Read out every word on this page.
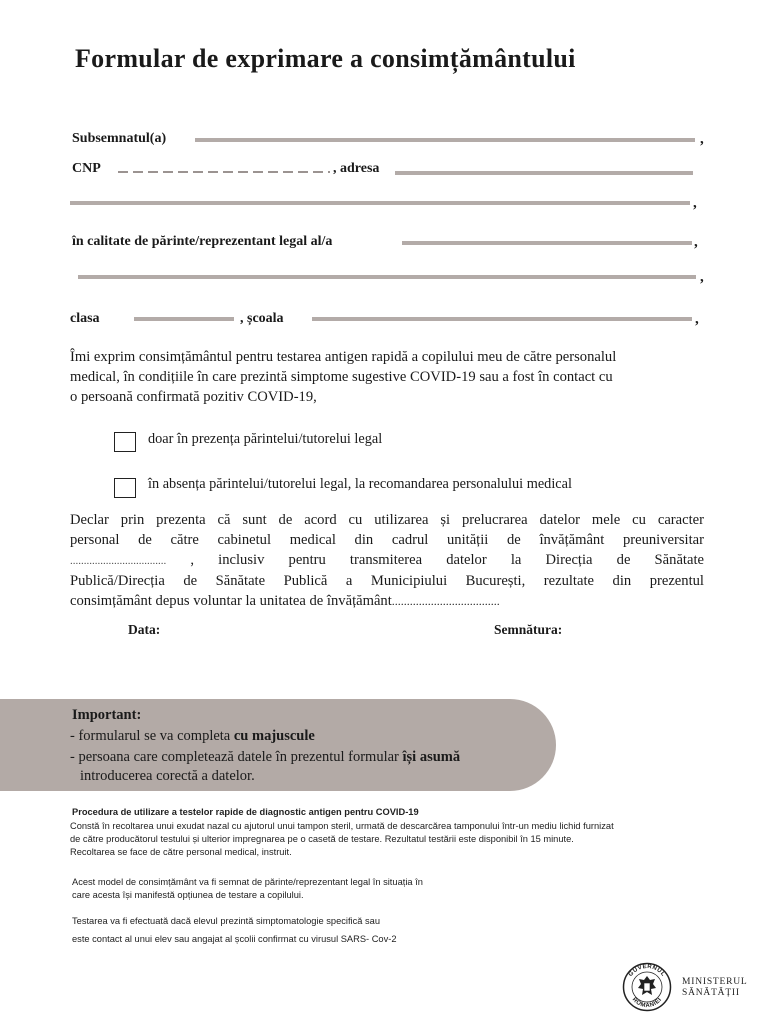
Formular de exprimare a consimțământului
Subsemnatul(a)	,
CNP	, adresa
,
în calitate de părinte/reprezentant legal al/a	,
,
clasa	, școala	,
Îmi exprim consimțământul pentru testarea antigen rapidă a copilului meu de către personalul
medical, în condițiile în care prezintă simptome sugestive COVID-19 sau a fost în contact cu
o persoană confirmată pozitiv COVID-19,
doar în prezența părintelui/tutorelui legal
în absența părintelui/tutorelui legal, la recomandarea personalului medical
Declar prin prezenta că sunt de acord cu utilizarea și prelucrarea datelor mele cu caracter
personal de către cabinetul medical din cadrul unității de învățământ preuniversitar
................................... , inclusiv pentru transmiterea datelor la Direcția de Sănătate
Publică/Direcția de Sănătate Publică a Municipiului București, rezultate din prezentul
consimțământ depus voluntar la unitatea de învățământ....................................
Data:	Semnătura:
Important:
- formularul se va completa cu majuscule
- persoana care completează datele în prezentul formular își asumă
introducerea corectă a datelor.
Procedura de utilizare a testelor rapide de diagnostic antigen pentru COVID-19
Constă în recoltarea unui exudat nazal cu ajutorul unui tampon steril, urmată de descarcărea tamponului într-un mediu lichid furnizat
de către producătorul testului și ulterior impregnarea pe o casetă de testare. Rezultatul testării este disponibil în 15 minute.
Recoltarea se face de către personal medical, instruit.
Acest model de consimțământ va fi semnat de părinte/reprezentant legal în situația în
care acesta își manifestă opțiunea de testare a copilului.
Testarea va fi efectuată dacă elevul prezintă simptomatologie specifică sau
este contact al unui elev sau angajat al școlii confirmat cu virusul SARS- Cov-2
GUVERNUL
ROMÂNIEI
MINISTERUL
SĂNĂTĂȚII
